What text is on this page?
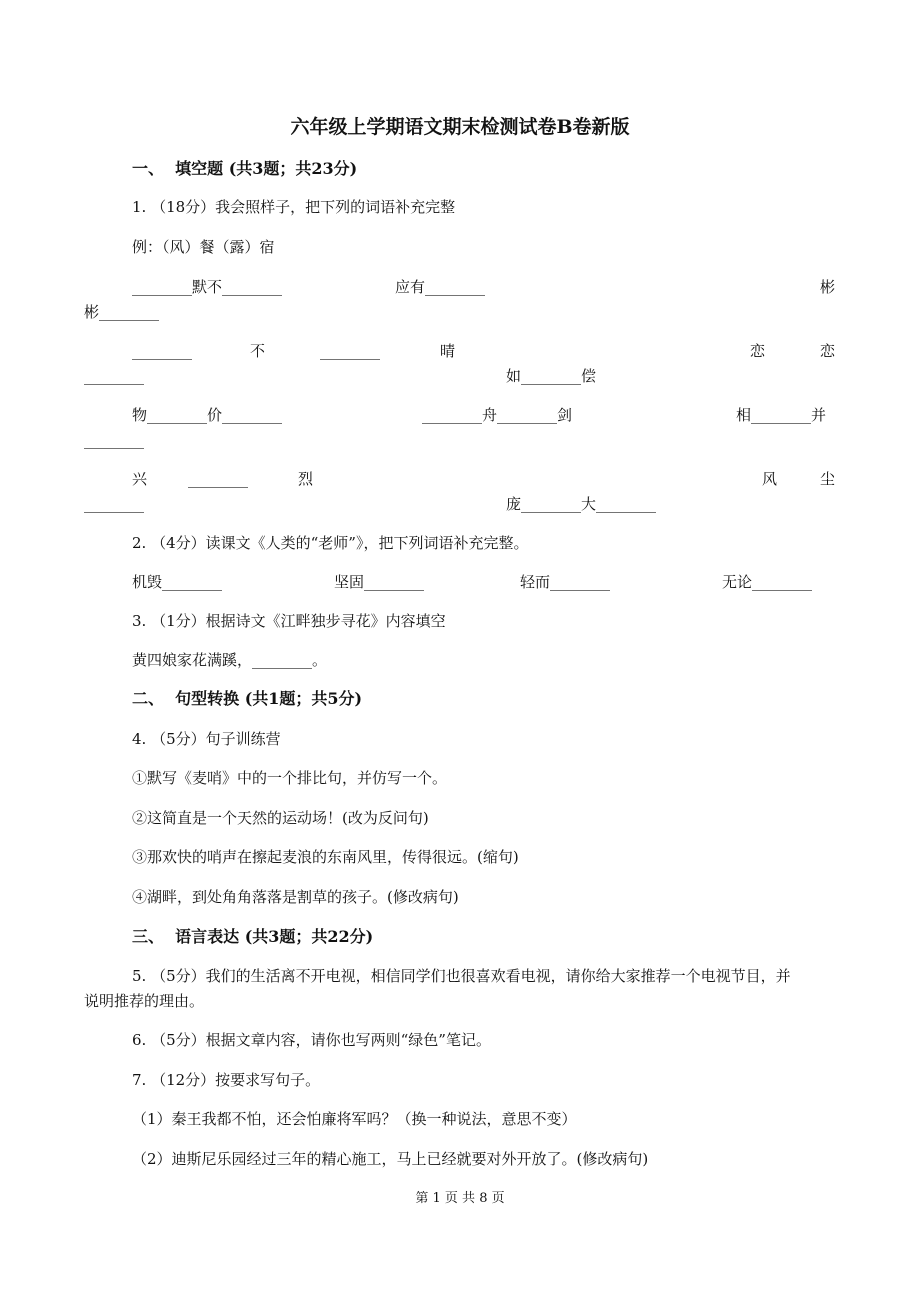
六年级上学期语文期末检测试卷B卷新版
一、  填空题 (共3题；共23分)
1. （18分）我会照样子，把下列的词语补充完整
例：（风）餐（露）宿
________默不________	应有________	彬
彬________
________	不	________	晴	恋	恋
________	如________偿
物________价________	________舟________剑	相________并
________
兴	________	烈	风	尘
________	庞________大________
2. （4分）读课文《人类的“老师”》，把下列词语补充完整。
机毁________	坚固________	轻而________	无论________
3. （1分）根据诗文《江畔独步寻花》内容填空
黄四娘家花满蹊，________。
二、  句型转换 (共1题；共5分)
4. （5分）句子训练营
①默写《麦哨》中的一个排比句，并仿写一个。
②这简直是一个天然的运动场！(改为反问句)
③那欢快的哨声在擦起麦浪的东南风里，传得很远。(缩句)
④湖畔，到处角角落落是割草的孩子。(修改病句)
三、  语言表达 (共3题；共22分)
5. （5分）我们的生活离不开电视，相信同学们也很喜欢看电视，请你给大家推荐一个电视节目，并
说明推荐的理由。
6. （5分）根据文章内容，请你也写两则“绿色”笔记。
7. （12分）按要求写句子。
（1）秦王我都不怕，还会怕廉将军吗？（换一种说法，意思不变）
（2）迪斯尼乐园经过三年的精心施工，马上已经就要对外开放了。(修改病句)
第 1 页 共 8 页
